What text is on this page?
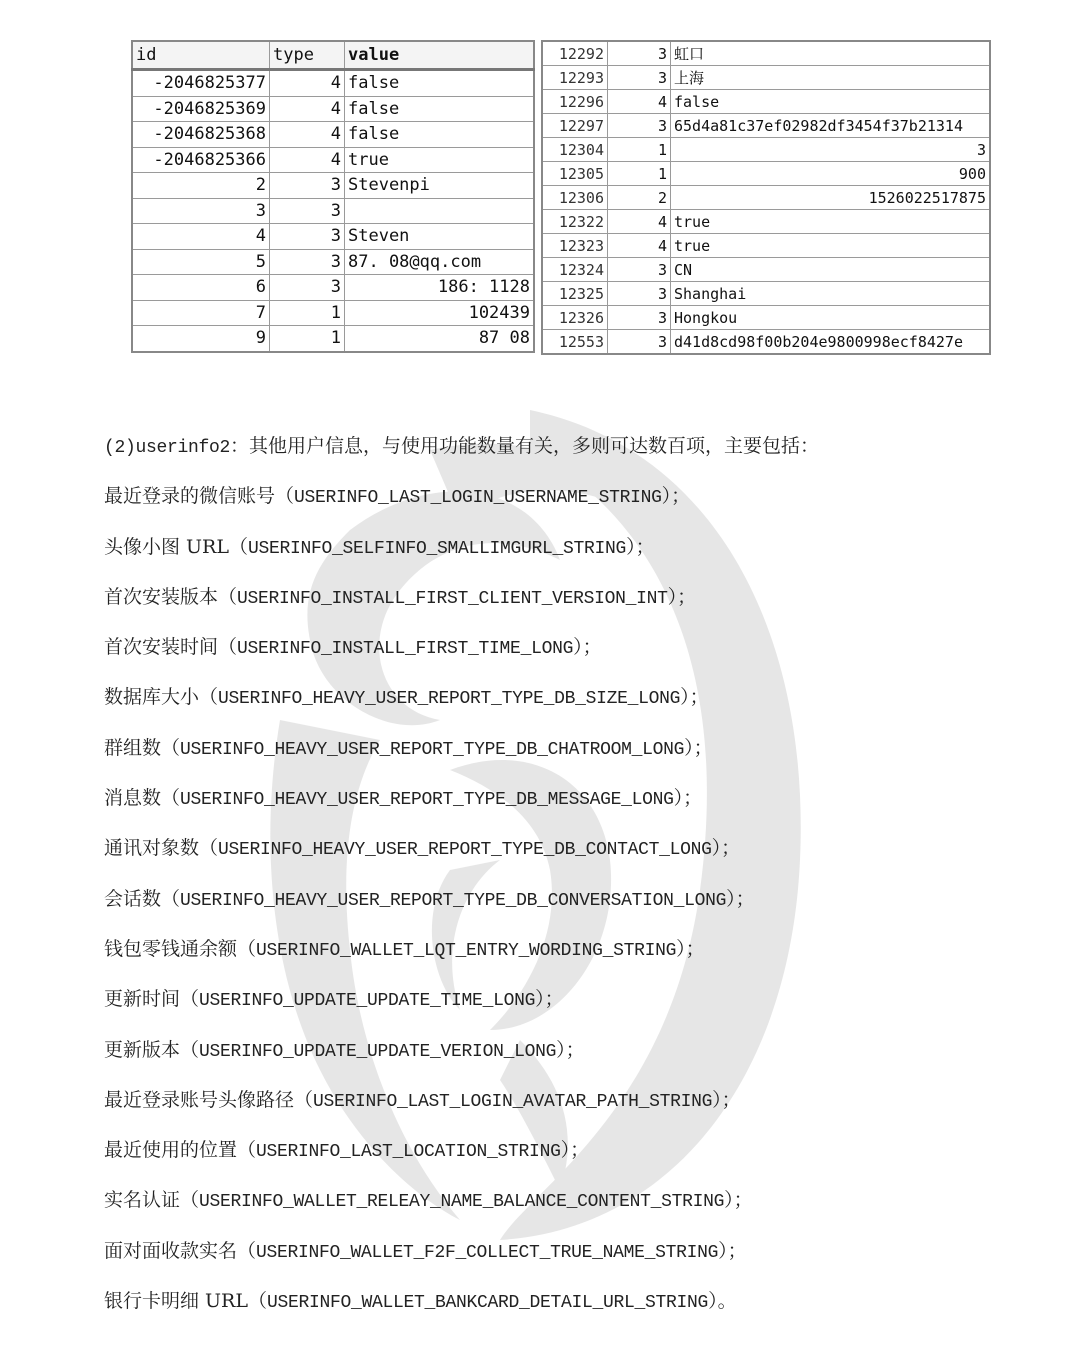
id	type	value
-2046825377	4	false
-2046825369	4	false
-2046825368	4	false
-2046825366	4	true
2	3	Stevenpi
3	3	
4	3	Steven
5	3	87. 08@qq.com
6	3	186: 1128
7	1	102439
9	1	87 08
12292	3	虹口
12293	3	上海
12296	4	false
12297	3	65d4a81c37ef02982df3454f37b21314
12304	1	3
12305	1	900
12306	2	1526022517875
12322	4	true
12323	4	true
12324	3	CN
12325	3	Shanghai
12326	3	Hongkou
12553	3	d41d8cd98f00b204e9800998ecf8427e
(2)userinfo2：其他用户信息，与使用功能数量有关，多则可达数百项，主要包括：
最近登录的微信账号（USERINFO_LAST_LOGIN_USERNAME_STRING）；
头像小图 URL（USERINFO_SELFINFO_SMALLIMGURL_STRING）；
首次安装版本（USERINFO_INSTALL_FIRST_CLIENT_VERSION_INT）；
首次安装时间（USERINFO_INSTALL_FIRST_TIME_LONG）；
数据库大小（USERINFO_HEAVY_USER_REPORT_TYPE_DB_SIZE_LONG）；
群组数（USERINFO_HEAVY_USER_REPORT_TYPE_DB_CHATROOM_LONG）；
消息数（USERINFO_HEAVY_USER_REPORT_TYPE_DB_MESSAGE_LONG）；
通讯对象数（USERINFO_HEAVY_USER_REPORT_TYPE_DB_CONTACT_LONG）；
会话数（USERINFO_HEAVY_USER_REPORT_TYPE_DB_CONVERSATION_LONG）；
钱包零钱通余额（USERINFO_WALLET_LQT_ENTRY_WORDING_STRING）；
更新时间（USERINFO_UPDATE_UPDATE_TIME_LONG）；
更新版本（USERINFO_UPDATE_UPDATE_VERION_LONG）；
最近登录账号头像路径（USERINFO_LAST_LOGIN_AVATAR_PATH_STRING）；
最近使用的位置（USERINFO_LAST_LOCATION_STRING）；
实名认证（USERINFO_WALLET_RELEAY_NAME_BALANCE_CONTENT_STRING）；
面对面收款实名（USERINFO_WALLET_F2F_COLLECT_TRUE_NAME_STRING）；
银行卡明细 URL（USERINFO_WALLET_BANKCARD_DETAIL_URL_STRING）。
